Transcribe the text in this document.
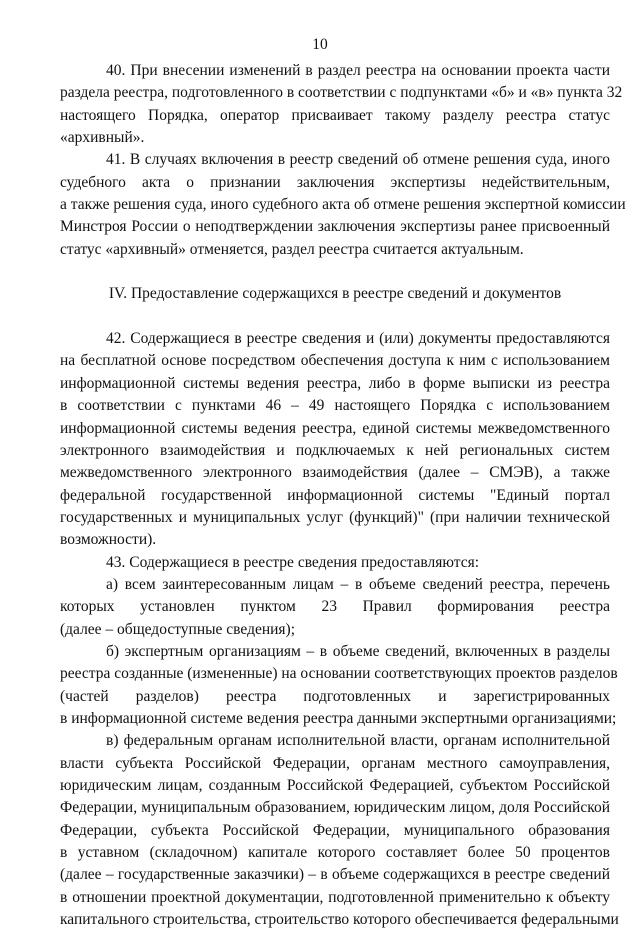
10
40. При внесении изменений в раздел реестра на основании проекта части
раздела реестра, подготовленного в соответствии с подпунктами «б» и «в» пункта 32
настоящего Порядка, оператор присваивает такому разделу реестра статус
«архивный».
41. В случаях включения в реестр сведений об отмене решения суда, иного
судебного акта о признании заключения экспертизы недействительным,
а также решения суда, иного судебного акта об отмене решения экспертной комиссии
Минстроя России о неподтверждении заключения экспертизы ранее присвоенный
статус «архивный» отменяется, раздел реестра считается актуальным.
IV. Предоставление содержащихся в реестре сведений и документов
42. Содержащиеся в реестре сведения и (или) документы предоставляются
на бесплатной основе посредством обеспечения доступа к ним с использованием
информационной системы ведения реестра, либо в форме выписки из реестра
в соответствии с пунктами 46 – 49 настоящего Порядка с использованием
информационной системы ведения реестра, единой системы межведомственного
электронного взаимодействия и подключаемых к ней региональных систем
межведомственного электронного взаимодействия (далее – СМЭВ), а также
федеральной государственной информационной системы "Единый портал
государственных и муниципальных услуг (функций)" (при наличии технической
возможности).
43. Содержащиеся в реестре сведения предоставляются:
а) всем заинтересованным лицам – в объеме сведений реестра, перечень
которых установлен пунктом 23 Правил формирования реестра
(далее – общедоступные сведения);
б) экспертным организациям – в объеме сведений, включенных в разделы
реестра созданные (измененные) на основании соответствующих проектов разделов
(частей разделов) реестра подготовленных и зарегистрированных
в информационной системе ведения реестра данными экспертными организациями;
в) федеральным органам исполнительной власти, органам исполнительной
власти субъекта Российской Федерации, органам местного самоуправления,
юридическим лицам, созданным Российской Федерацией, субъектом Российской
Федерации, муниципальным образованием, юридическим лицом, доля Российской
Федерации, субъекта Российской Федерации, муниципального образования
в уставном (складочном) капитале которого составляет более 50 процентов
(далее – государственные заказчики) – в объеме содержащихся в реестре сведений
в отношении проектной документации, подготовленной применительно к объекту
капитального строительства, строительство которого обеспечивается федеральными
